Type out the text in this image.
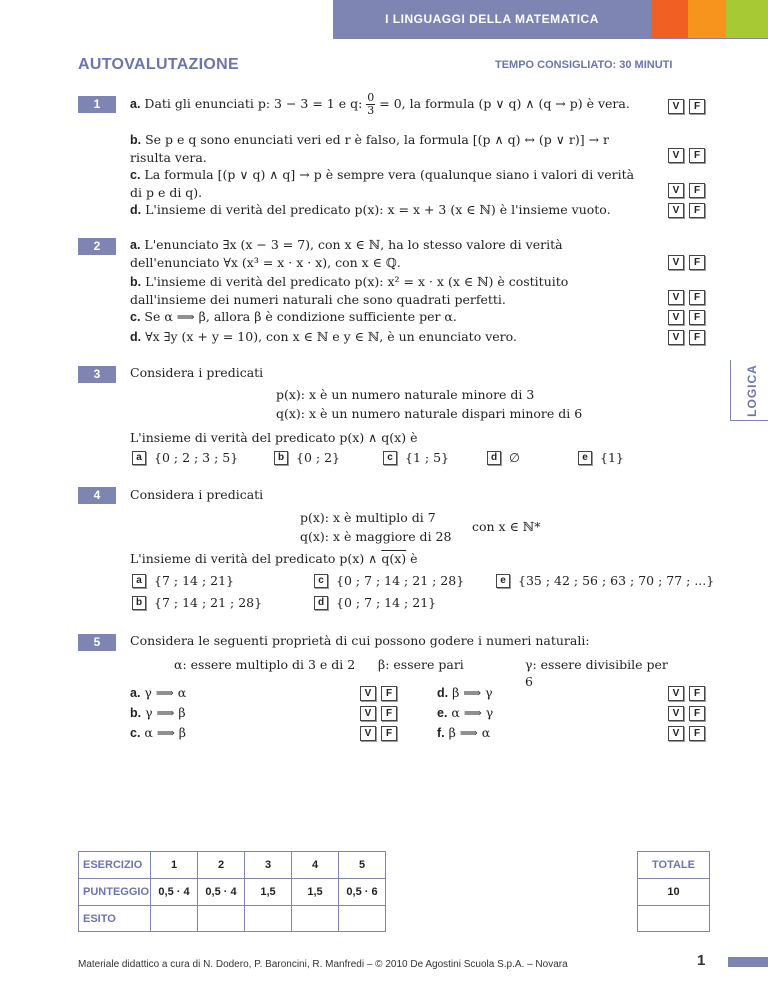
I LINGUAGGI DELLA MATEMATICA
AUTOVALUTAZIONE	TEMPO CONSIGLIATO: 30 MINUTI
LOGICA
1	a. Dati gli enunciati p: 3 − 3 = 1 e q: $\frac{0}{3} = 0$, la formula (p ∨ q) ∧ (q → p) è vera.	V	F
b. Se p e q sono enunciati veri ed r è falso, la formula [(p ∧ q) ↔ (p ∨ r)] → r risulta vera.	V	F
c. La formula [(p ∨ q) ∧ q] → p è sempre vera (qualunque siano i valori di verità di p e di q).	V	F
d. L'insieme di verità del predicato p(x): x = x + 3 (x ∈ ℕ) è l'insieme vuoto.	V	F
2	a. L'enunciato ∃x (x − 3 = 7), con x ∈ ℕ, ha lo stesso valore di verità dell'enunciato ∀x (x³ = x · x · x), con x ∈ ℚ.	V	F
b. L'insieme di verità del predicato p(x): x² = x · x (x ∈ ℕ) è costituito dall'insieme dei numeri naturali che sono quadrati perfetti.	V	F
c. Se α ⟹ β, allora β è condizione sufficiente per α.	V	F
d. ∀x ∃y (x + y = 10), con x ∈ ℕ e y ∈ ℕ, è un enunciato vero.	V	F
3	Considera i predicati
p(x): x è un numero naturale minore di 3
q(x): x è un numero naturale dispari minore di 6
L'insieme di verità del predicato p(x) ∧ q(x) è
a {0 ; 2 ; 3 ; 5}	b {0 ; 2}	c {1 ; 5}	d ∅	e {1}
4	Considera i predicati
p(x): x è multiplo di 7
q(x): x è maggiore di 28
con x ∈ ℕ*
L'insieme di verità del predicato p(x) ∧ q(x) è
a {7 ; 14 ; 21}
b {7 ; 14 ; 21 ; 28}
c {0 ; 7 ; 14 ; 21 ; 28}
d {0 ; 7 ; 14 ; 21}
e {35 ; 42 ; 56 ; 63 ; 70 ; 77 ; ...}
5	Considera le seguenti proprietà di cui possono godere i numeri naturali:
α: essere multiplo di 3 e di 2	β: essere pari	γ: essere divisibile per 6
a. γ ⟹ α	V	F
b. γ ⟹ β	V	F
c. α ⟹ β	V	F
d. β ⟹ γ	V	F
e. α ⟹ γ	V	F
f. β ⟹ α	V	F
ESERCIZIO	1	2	3	4	5
PUNTEGGIO	0,5 · 4	0,5 · 4	1,5	1,5	0,5 · 6
ESITO					
TOTALE
10

Materiale didattico a cura di N. Dodero, P. Baroncini, R. Manfredi – © 2010 De Agostini Scuola S.p.A. – Novara	1
